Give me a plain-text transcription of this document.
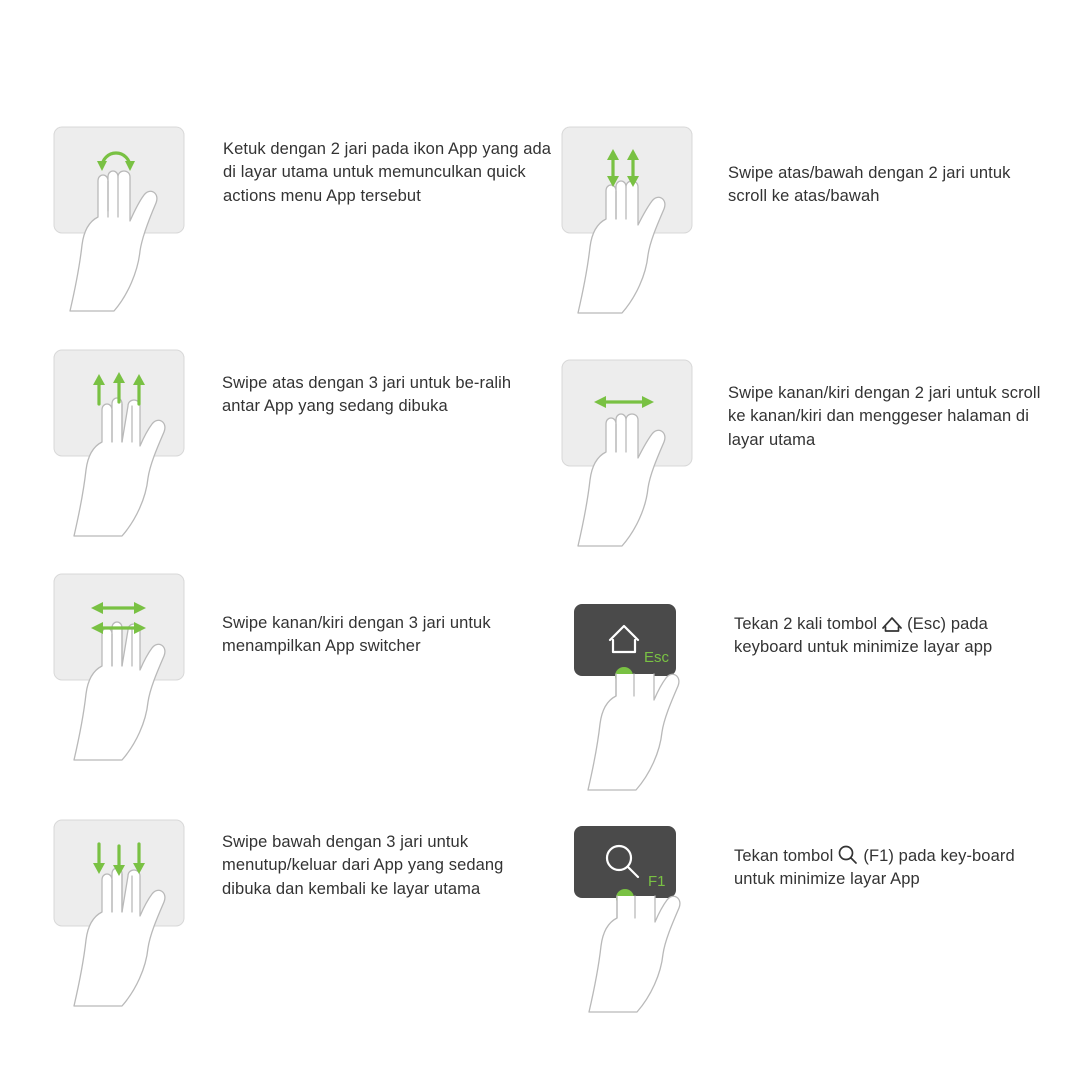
Ketuk dengan 2 jari pada ikon App yang ada di layar utama untuk memunculkan quick actions menu App tersebut
Swipe atas/bawah dengan 2 jari untuk scroll ke atas/bawah
Swipe atas dengan 3 jari untuk be-ralih antar App yang sedang dibuka
Swipe kanan/kiri dengan 2 jari untuk scroll ke kanan/kiri dan menggeser halaman di layar utama
Swipe kanan/kiri dengan 3 jari untuk menampilkan App switcher
Esc
Tekan 2 kali tombol (Esc) pada keyboard untuk minimize layar app
Swipe bawah dengan 3 jari untuk menutup/keluar dari App yang sedang dibuka dan kembali ke layar utama	F1
Tekan tombol (F1) pada key-board untuk minimize layar App
